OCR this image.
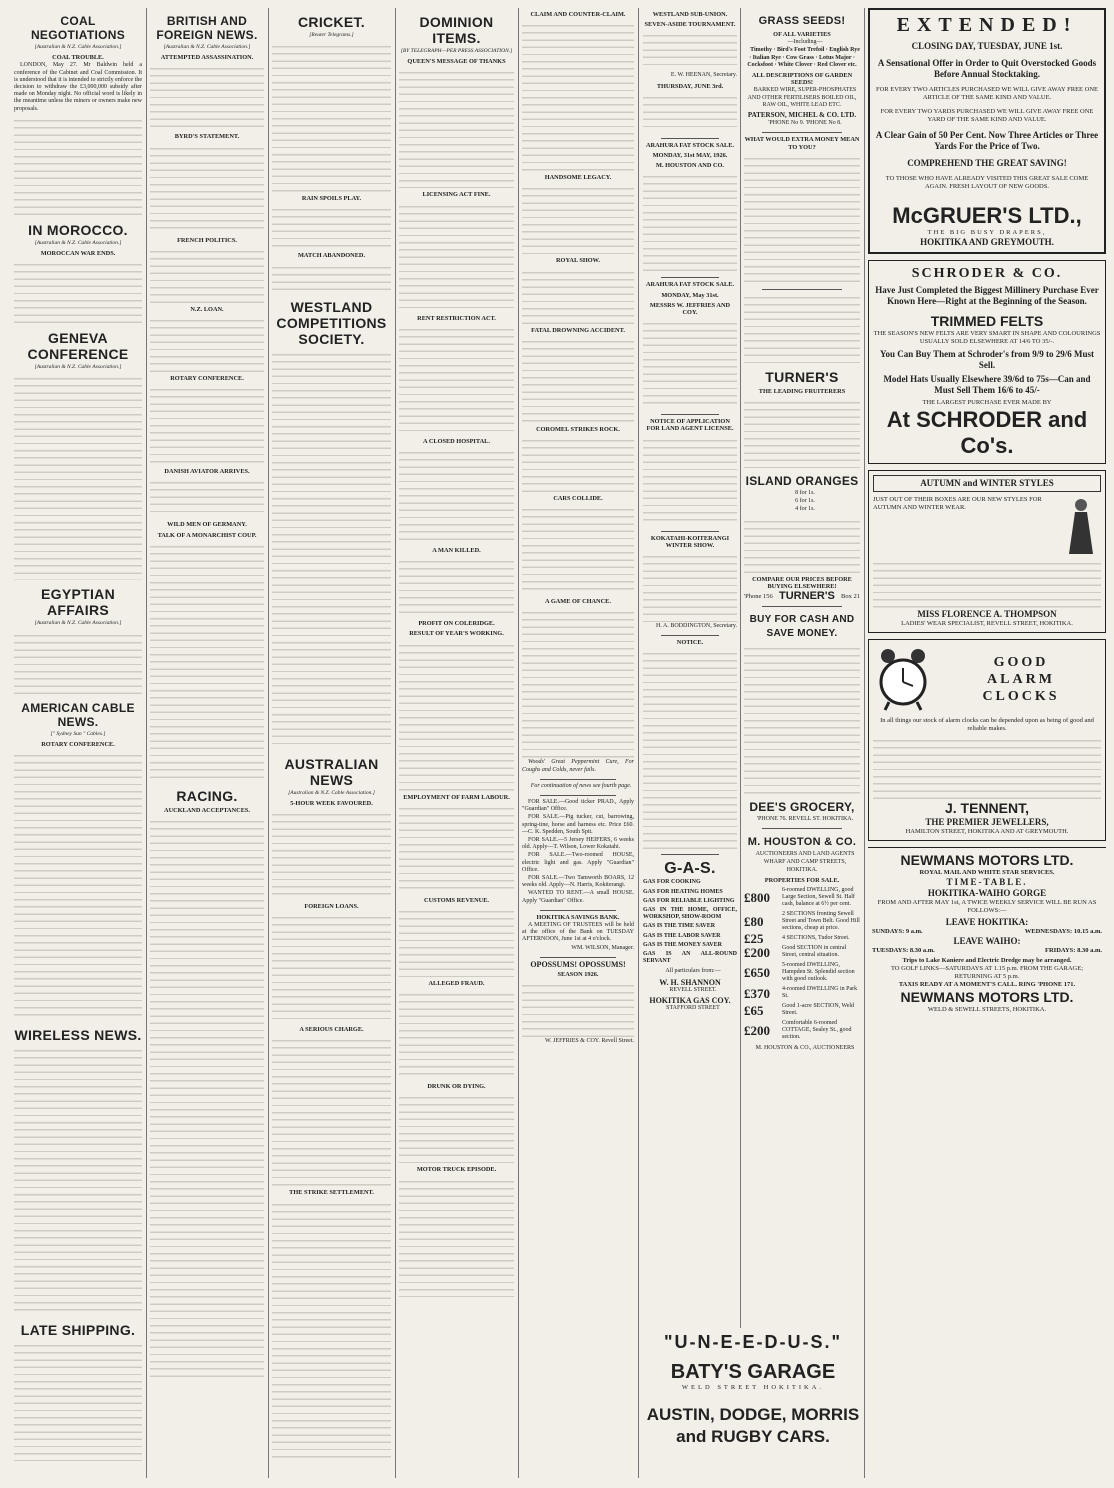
COAL NEGOTIATIONS
[Australian & N.Z. Cable Association.]
COAL TROUBLE.
LONDON, May 27. Mr Baldwin held a conference of the Cabinet and Coal Commission. It is understood that it is intended to strictly enforce the decision to withdraw the £3,000,000 subsidy after made on Monday night. No official word is likely in the meantime unless the miners or owners make new proposals.
IN MOROCCO.
[Australian & N.Z. Cable Association.]
MOROCCAN WAR ENDS.
GENEVA CONFERENCE
[Australian & N.Z. Cable Association.]
EGYPTIAN AFFAIRS
[Australian & N.Z. Cable Association.]
AMERICAN CABLE NEWS.
[" Sydney Sun " Cables.]
ROTARY CONFERENCE.
WIRELESS NEWS.
LATE SHIPPING.
BRITISH AND FOREIGN NEWS.
[Australian & N.Z. Cable Association.]
ATTEMPTED ASSASSINATION.
BYRD'S STATEMENT.
FRENCH POLITICS.
N.Z. LOAN.
ROTARY CONFERENCE.
DANISH AVIATOR ARRIVES.
WILD MEN OF GERMANY.
TALK OF A MONARCHIST COUP.
RACING.
AUCKLAND ACCEPTANCES.
CRICKET.
[Reuter Telegrams.]
RAIN SPOILS PLAY.
MATCH ABANDONED.
WESTLAND COMPETITIONS SOCIETY.
AUSTRALIAN NEWS
[Australian & N.Z. Cable Association.]
5-HOUR WEEK FAVOURED.
FOREIGN LOANS.
A SERIOUS CHARGE.
THE STRIKE SETTLEMENT.
DOMINION ITEMS.
[BY TELEGRAPH—PER PRESS ASSOCIATION.]
QUEEN'S MESSAGE OF THANKS
LICENSING ACT FINE.
RENT RESTRICTION ACT.
A CLOSED HOSPITAL.
A MAN KILLED.
PROFIT ON COLERIDGE.
RESULT OF YEAR'S WORKING.
EMPLOYMENT OF FARM LABOUR.
CUSTOMS REVENUE.
ALLEGED FRAUD.
DRUNK OR DYING.
MOTOR TRUCK EPISODE.
CLAIM AND COUNTER-CLAIM.
HANDSOME LEGACY.
ROYAL SHOW.
FATAL DROWNING ACCIDENT.
COROMEL STRIKES ROCK.
CARS COLLIDE.
A GAME OF CHANCE.
Woods' Great Peppermint Cure, For Coughs and Colds, never fails.
For continuation of news see fourth page.
FOR SALE.—Good ticker PRAD., Apply "Guardian" Office.
FOR SALE.—Pig tucker, cut, barrowing, spring-tine, horse and harness etc. Price £60.—C. K. Spedden, South Spit.
FOR SALE.—5 Jersey HEIFERS, 6 weeks old. Apply—T. Wilson, Lower Kokatahi.
FOR SALE.—Two-roomed HOUSE, electric light and gas. Apply "Guardian" Office.
FOR SALE.—Two Tamworth BOARS, 12 weeks old. Apply—N. Harris, Kokiterangi.
WANTED TO RENT.—A small HOUSE. Apply "Guardian" Office.
HOKITIKA SAVINGS BANK.
A MEETING OF TRUSTEES will be held at the office of the Bank on TUESDAY AFTERNOON, June 1st at 4 o'clock.
WM. WILSON, Manager.
OPOSSUMS! OPOSSUMS!
SEASON 1926.
W. JEFFRIES & COY. Revell Street.
WESTLAND SUB-UNION.
SEVEN-ASIDE TOURNAMENT.
E. W. HEENAN, Secretary.
THURSDAY, JUNE 3rd.
ARAHURA FAT STOCK SALE.
MONDAY, 31st MAY, 1926.
M. HOUSTON AND CO.
ARAHURA FAT STOCK SALE.
MONDAY, May 31st.
MESSRS W. JEFFRIES AND COY.
NOTICE OF APPLICATION FOR LAND AGENT LICENSE.
KOKATAHI-KOITERANGI WINTER SHOW.
H. A. BODDINGTON, Secretary.
NOTICE.
G-A-S.
GAS FOR COOKING
GAS FOR HEATING HOMES
GAS FOR RELIABLE LIGHTING
GAS IN THE HOME, OFFICE, WORKSHOP, SHOW-ROOM
GAS IS THE TIME SAVER
GAS IS THE LABOR SAVER
GAS IS THE MONEY SAVER
GAS IS AN ALL-ROUND SERVANT
All particulars from:—
W. H. SHANNON
REVELL STREET.
HOKITIKA GAS COY.
STAFFORD STREET
GRASS SEEDS!
OF ALL VARIETIES
—Including—
Timothy · Bird's Foot Trefoil · English Rye · Italian Rye · Cow Grass · Lotus Major · Cocksfoot · White Clover · Red Clover etc.
ALL DESCRIPTIONS OF GARDEN SEEDS!
BARKED WIRE, SUPER-PHOSPHATES AND OTHER FERTILISERS BOILED OIL, RAW OIL, WHITE LEAD ETC.
PATERSON, MICHEL & CO. LTD.
'PHONE No 9. 'PHONE No 8.
WHAT WOULD EXTRA MONEY MEAN TO YOU?
TURNER'S
THE LEADING FRUITERERS
ISLAND ORANGES
8 for 1s.
6 for 1s.
4 for 1s.
COMPARE OUR PRICES BEFORE BUYING ELSEWHERE!
'Phone 156 TURNER'S Box 21
BUY FOR CASH AND SAVE MONEY.
DEE'S GROCERY,
'PHONE 76. REVELL ST. HOKITIKA.
M. HOUSTON & CO.
AUCTIONEERS AND LAND AGENTS
WHARF AND CAMP STREETS, HOKITIKA.
PROPERTIES FOR SALE.
£800	6-roomed DWELLING, good Large Section, Sewell St. Half cash, balance at 6½ per cent.
£80	2 SECTIONS fronting Sewell Street and Town Belt. Good Hill sections, cheap at price.
£25	4 SECTIONS, Tudor Street.
£200	Good SECTION in central Street, central situation.
£650	5-roomed DWELLING, Hampden St. Splendid section with good outlook.
£370	4-roomed DWELLING in Park St.
£65	Good 1-acre SECTION, Weld Street.
£200	Comfortable 6-roomed COTTAGE, Sealey St., good section.
M. HOUSTON & CO., AUCTIONEERS
EXTENDED!
CLOSING DAY, TUESDAY, JUNE 1st.
A Sensational Offer in Order to Quit Overstocked Goods Before Annual Stocktaking.
FOR EVERY TWO ARTICLES PURCHASED WE WILL GIVE AWAY FREE ONE ARTICLE OF THE SAME KIND AND VALUE.
FOR EVERY TWO YARDS PURCHASED WE WILL GIVE AWAY FREE ONE YARD OF THE SAME KIND AND VALUE.
A Clear Gain of 50 Per Cent. Now Three Articles or Three Yards For the Price of Two.
COMPREHEND THE GREAT SAVING!
TO THOSE WHO HAVE ALREADY VISITED THIS GREAT SALE COME AGAIN. FRESH LAYOUT OF NEW GOODS.
McGRUER'S LTD.,
THE BIG BUSY DRAPERS,
HOKITIKA AND GREYMOUTH.
SCHRODER & CO.
Have Just Completed the Biggest Millinery Purchase Ever Known Here—Right at the Beginning of the Season.
TRIMMED FELTS
THE SEASON'S NEW FELTS ARE VERY SMART IN SHAPE AND COLOURINGS USUALLY SOLD ELSEWHERE AT 14/6 TO 35/-.
You Can Buy Them at Schroder's from 9/9 to 29/6 Must Sell.
Model Hats Usually Elsewhere 39/6d to 75s—Can and Must Sell Them 16/6 to 45/-
THE LARGEST PURCHASE EVER MADE BY
At SCHRODER and Co's.
AUTUMN and WINTER STYLES
JUST OUT OF THEIR BOXES ARE OUR NEW STYLES FOR AUTUMN AND WINTER WEAR.
MISS FLORENCE A. THOMPSON
LADIES' WEAR SPECIALIST, REVELL STREET, HOKITIKA.
GOOD
ALARM
CLOCKS
In all things our stock of alarm clocks can be depended upon as being of good and reliable makes.
J. TENNENT,
THE PREMIER JEWELLERS,
HAMILTON STREET, HOKITIKA AND AT GREYMOUTH.
NEWMANS MOTORS LTD.
ROYAL MAIL AND WHITE STAR SERVICES.
TIME-TABLE.
HOKITIKA-WAIHO GORGE
FROM AND AFTER MAY 1st, A TWICE WEEKLY SERVICE WILL BE RUN AS FOLLOWS:—
LEAVE HOKITIKA:
SUNDAYS: 9 a.m.	WEDNESDAYS: 10.15 a.m.
LEAVE WAIHO:
TUESDAYS: 8.30 a.m.	FRIDAYS: 8.30 a.m.
Trips to Lake Kaniere and Electric Dredge may be arranged.
TO GOLF LINKS—SATURDAYS AT 1.15 p.m. FROM THE GARAGE; RETURNING AT 5 p.m.
TAXIS READY AT A MOMENT'S CALL. RING 'PHONE 171.
NEWMANS MOTORS LTD.
WELD & SEWELL STREETS, HOKITIKA.
"U-N-E-E-D-U-S."
BATY'S GARAGE
WELD STREET HOKITIKA.
AUSTIN, DODGE, MORRIS and RUGBY CARS.
